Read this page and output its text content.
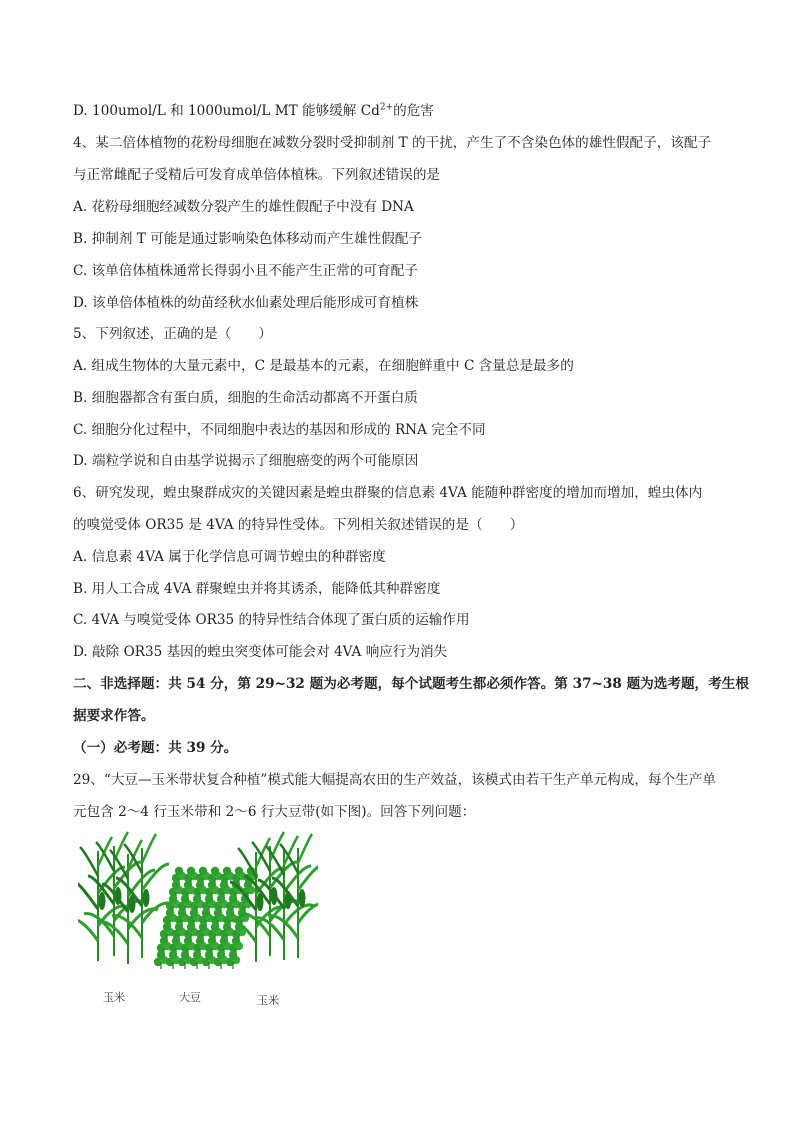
D. 100umol/L 和 1000umol/L MT 能够缓解 $Cd^{2+}$的危害
4、某二倍体植物的花粉母细胞在减数分裂时受抑制剂 T 的干扰，产生了不含染色体的雄性假配子，该配子
与正常雌配子受精后可发育成单倍体植株。下列叙述错误的是
A. 花粉母细胞经减数分裂产生的雄性假配子中没有 DNA
B. 抑制剂 T 可能是通过影响染色体移动而产生雄性假配子
C. 该单倍体植株通常长得弱小且不能产生正常的可育配子
D. 该单倍体植株的幼苗经秋水仙素处理后能形成可育植株
5、下列叙述，正确的是（　　）
A. 组成生物体的大量元素中，C 是最基本的元素，在细胞鲜重中 C 含量总是最多的
B. 细胞器都含有蛋白质，细胞的生命活动都离不开蛋白质
C. 细胞分化过程中，不同细胞中表达的基因和形成的 RNA 完全不同
D. 端粒学说和自由基学说揭示了细胞癌变的两个可能原因
6、研究发现，蝗虫聚群成灾的关键因素是蝗虫群聚的信息素 4VA 能随种群密度的增加而增加，蝗虫体内
的嗅觉受体 OR35 是 4VA 的特异性受体。下列相关叙述错误的是（　　）
A. 信息素 4VA 属于化学信息可调节蝗虫的种群密度
B. 用人工合成 4VA 群聚蝗虫并将其诱杀，能降低其种群密度
C. 4VA 与嗅觉受体 OR35 的特异性结合体现了蛋白质的运输作用
D. 敲除 OR35 基因的蝗虫突变体可能会对 4VA 响应行为消失
二、非选择题：共 54 分，第 29~32 题为必考题，每个试题考生都必须作答。第 37~38 题为选考题，考生根
据要求作答。
（一）必考题：共 39 分。
29、“大豆—玉米带状复合种植”模式能大幅提高农田的生产效益，该模式由若干生产单元构成，每个生产单
元包含 2～4 行玉米带和 2～6 行大豆带(如下图)。回答下列问题：
玉米	大豆	玉米
